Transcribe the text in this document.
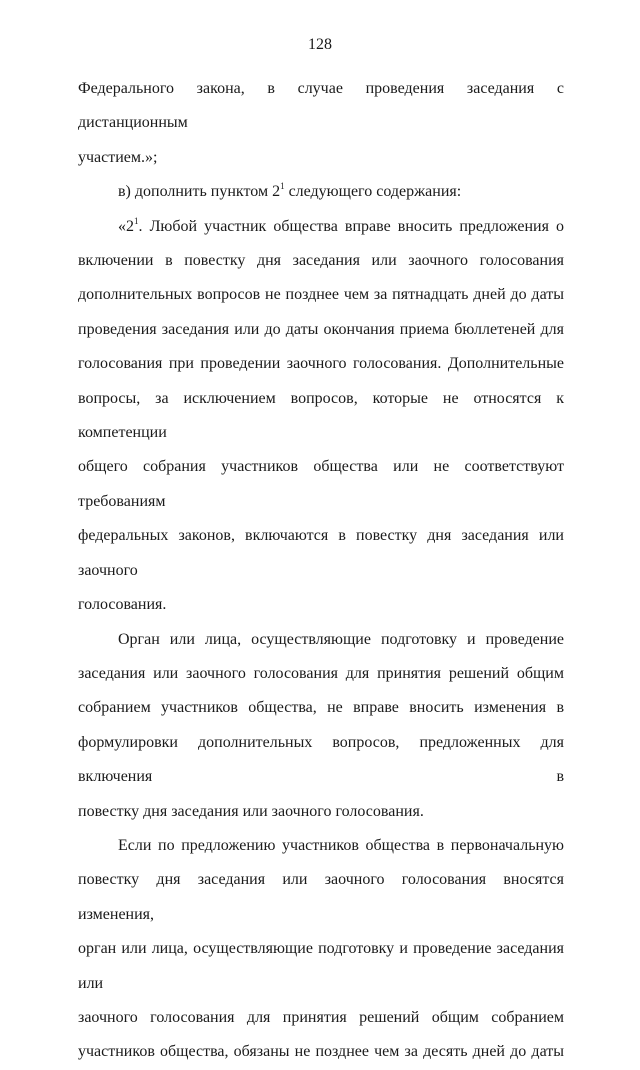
128

Федерального закона, в случае проведения заседания с дистанционным

участием.»;

в) дополнить пунктом $2^1$ следующего содержания:

«$2^1$. Любой участник общества вправе вносить предложения о

включении в повестку дня заседания или заочного голосования

дополнительных вопросов не позднее чем за пятнадцать дней до даты

проведения заседания или до даты окончания приема бюллетеней для

голосования при проведении заочного голосования. Дополнительные

вопросы, за исключением вопросов, которые не относятся к компетенции

общего собрания участников общества или не соответствуют требованиям

федеральных законов, включаются в повестку дня заседания или заочного

голосования.

Орган или лица, осуществляющие подготовку и проведение

заседания или заочного голосования для принятия решений общим

собранием участников общества, не вправе вносить изменения в

формулировки дополнительных вопросов, предложенных для включения в

повестку дня заседания или заочного голосования.

Если по предложению участников общества в первоначальную

повестку дня заседания или заочного голосования вносятся изменения,

орган или лица, осуществляющие подготовку и проведение заседания или

заочного голосования для принятия решений общим собранием

участников общества, обязаны не позднее чем за десять дней до даты
